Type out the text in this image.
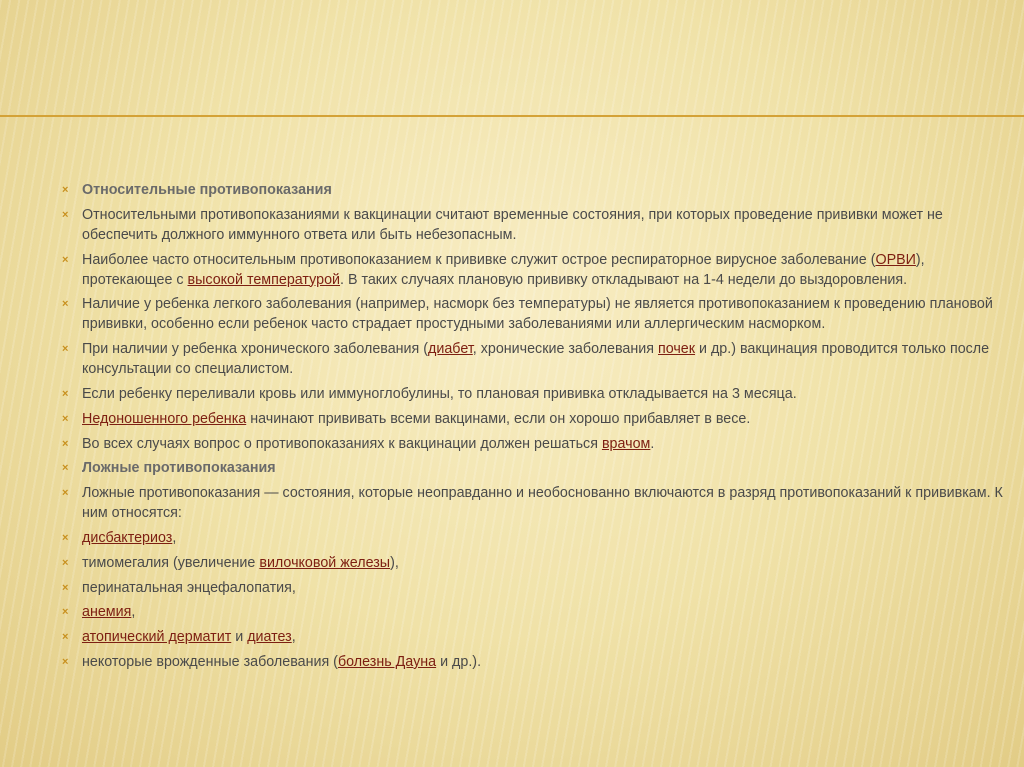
× Относительные противопоказания
× Относительными противопоказаниями к вакцинации считают временные состояния, при которых проведение прививки может не обеспечить должного иммунного ответа или быть небезопасным.
× Наиболее часто относительным противопоказанием к прививке служит острое респираторное вирусное заболевание (ОРВИ), протекающее с высокой температурой. В таких случаях плановую прививку откладывают на 1-4 недели до выздоровления.
× Наличие у ребенка легкого заболевания (например, насморк без температуры) не является противопоказанием к проведению плановой прививки, особенно если ребенок часто страдает простудными заболеваниями или аллергическим насморком.
× При наличии у ребенка хронического заболевания (диабет, хронические заболевания почек и др.) вакцинация проводится только после консультации со специалистом.
× Если ребенку переливали кровь или иммуноглобулины, то плановая прививка откладывается на 3 месяца.
× Недоношенного ребенка начинают прививать всеми вакцинами, если он хорошо прибавляет в весе.
× Во всех случаях вопрос о противопоказаниях к вакцинации должен решаться врачом.
× Ложные противопоказания
× Ложные противопоказания — состояния, которые неоправданно и необоснованно включаются в разряд противопоказаний к прививкам. К ним относятся:
× дисбактериоз,
× тимомегалия (увеличение вилочковой железы),
× перинатальная энцефалопатия,
× анемия,
× атопический дерматит и диатез,
× некоторые врожденные заболевания (болезнь Дауна и др.).
